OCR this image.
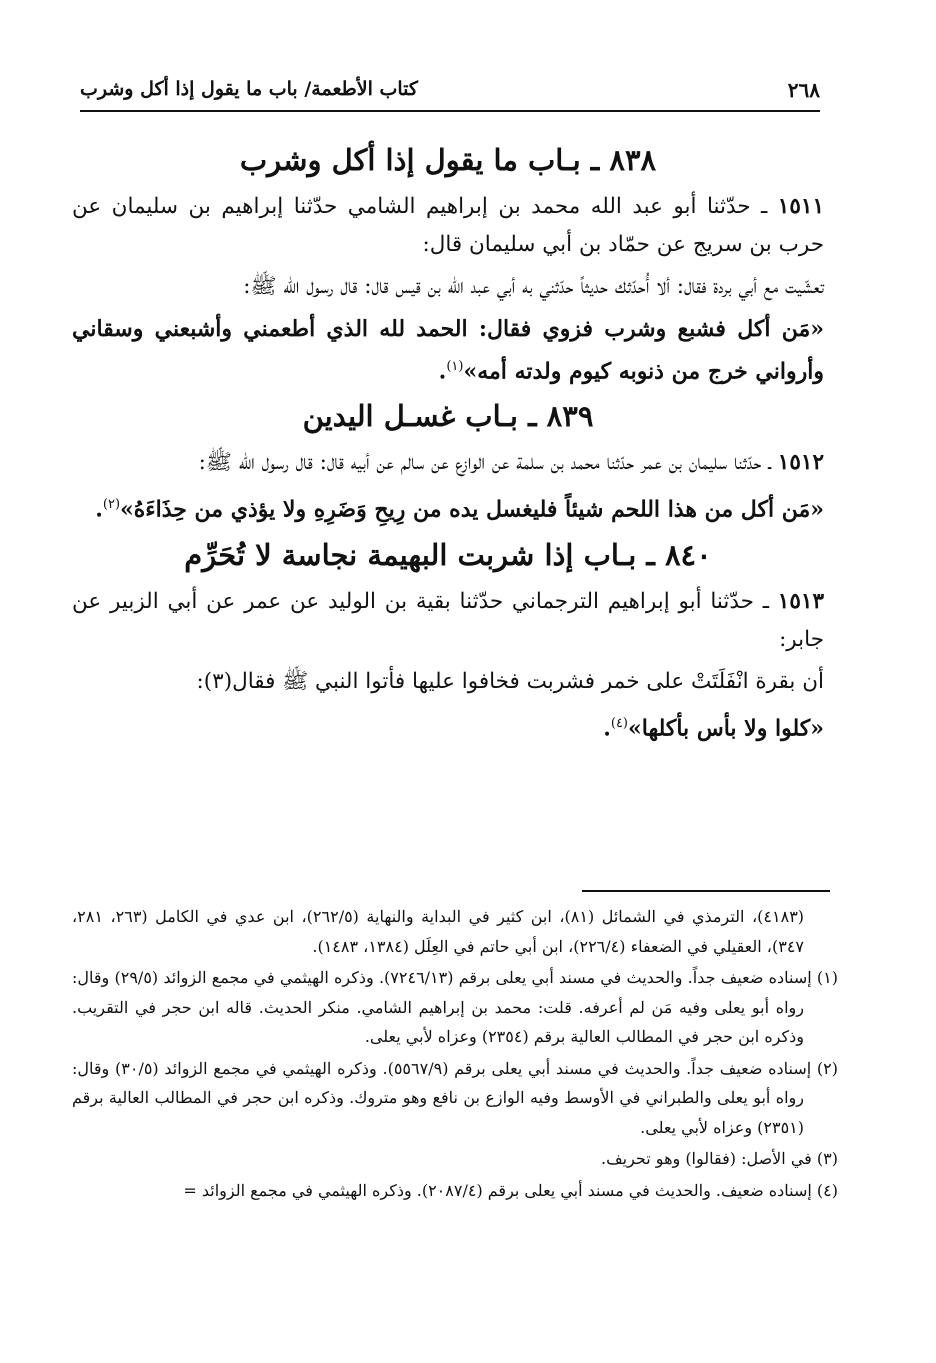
٢٦٨
كتاب الأطعمة/ باب ما يقول إذا أكل وشرب
٨٣٨ ـ بـاب ما يقول إذا أكل وشرب

١٥١١ ـ حدّثنا أبو عبد الله محمد بن إبراهيم الشامي حدّثنا إبراهيم بن سليمان عن حرب بن سريج عن حمّاد بن أبي سليمان قال:

تعشّيت مع أبي بردة فقال: ألا أُحدّثك حديثاً حدّثني به أبي عبد الله بن قيس قال: قال رسول الله ﷺ:

«مَن أكل فشبع وشرب فزوي فقال: الحمد لله الذي أطعمني وأشبعني وسقاني وأرواني خرج من ذنوبه كيوم ولدته أمه»$^{(١)}$.

٨٣٩ ـ بـاب غسـل اليدين

١٥١٢ ـ حدّثنا سليمان بن عمر حدّثنا محمد بن سلمة عن الوازع عن سالم عن أبيه قال: قال رسول الله ﷺ:

«مَن أكل من هذا اللحم شيئاً فليغسل يده من رِيحِ وَضَرِهِ ولا يؤذي من حِذَاءَهُ»$^{(٢)}$.

٨٤٠ ـ بـاب إذا شربت البهيمة نجاسة لا تُحَرِّم

١٥١٣ ـ حدّثنا أبو إبراهيم الترجماني حدّثنا بقية بن الوليد عن عمر عن أبي الزبير عن جابر:

أن بقرة انْفَلَتَتْ على خمر فشربت فخافوا عليها فأتوا النبي ﷺ فقال(٣):

«كلوا ولا بأس بأكلها»$^{(٤)}$.

(٤١٨٣)، الترمذي في الشمائل (٨١)، ابن كثير في البداية والنهاية (٢٦٢/٥)، ابن عدي في الكامل (٢٦٣، ٢٨١، ٣٤٧)، العقيلي في الضعفاء (٢٢٦/٤)، ابن أبي حاتم في العِلَل (١٣٨٤، ١٤٨٣).

(١) إسناده ضعيف جداً. والحديث في مسند أبي يعلى برقم (٧٢٤٦/١٣). وذكره الهيثمي في مجمع الزوائد (٢٩/٥) وقال: رواه أبو يعلى وفيه مَن لم أعرفه. قلت: محمد بن إبراهيم الشامي. منكر الحديث. قاله ابن حجر في التقريب. وذكره ابن حجر في المطالب العالية برقم (٢٣٥٤) وعزاه لأبي يعلى.

(٢) إسناده ضعيف جداً. والحديث في مسند أبي يعلى برقم (٥٥٦٧/٩). وذكره الهيثمي في مجمع الزوائد (٣٠/٥) وقال: رواه أبو يعلى والطبراني في الأوسط وفيه الوازع بن نافع وهو متروك. وذكره ابن حجر في المطالب العالية برقم (٢٣٥١) وعزاه لأبي يعلى.

(٣) في الأصل: (فقالوا) وهو تحريف.

(٤) إسناده ضعيف. والحديث في مسند أبي يعلى برقم (٢٠٨٧/٤). وذكره الهيثمي في مجمع الزوائد =
